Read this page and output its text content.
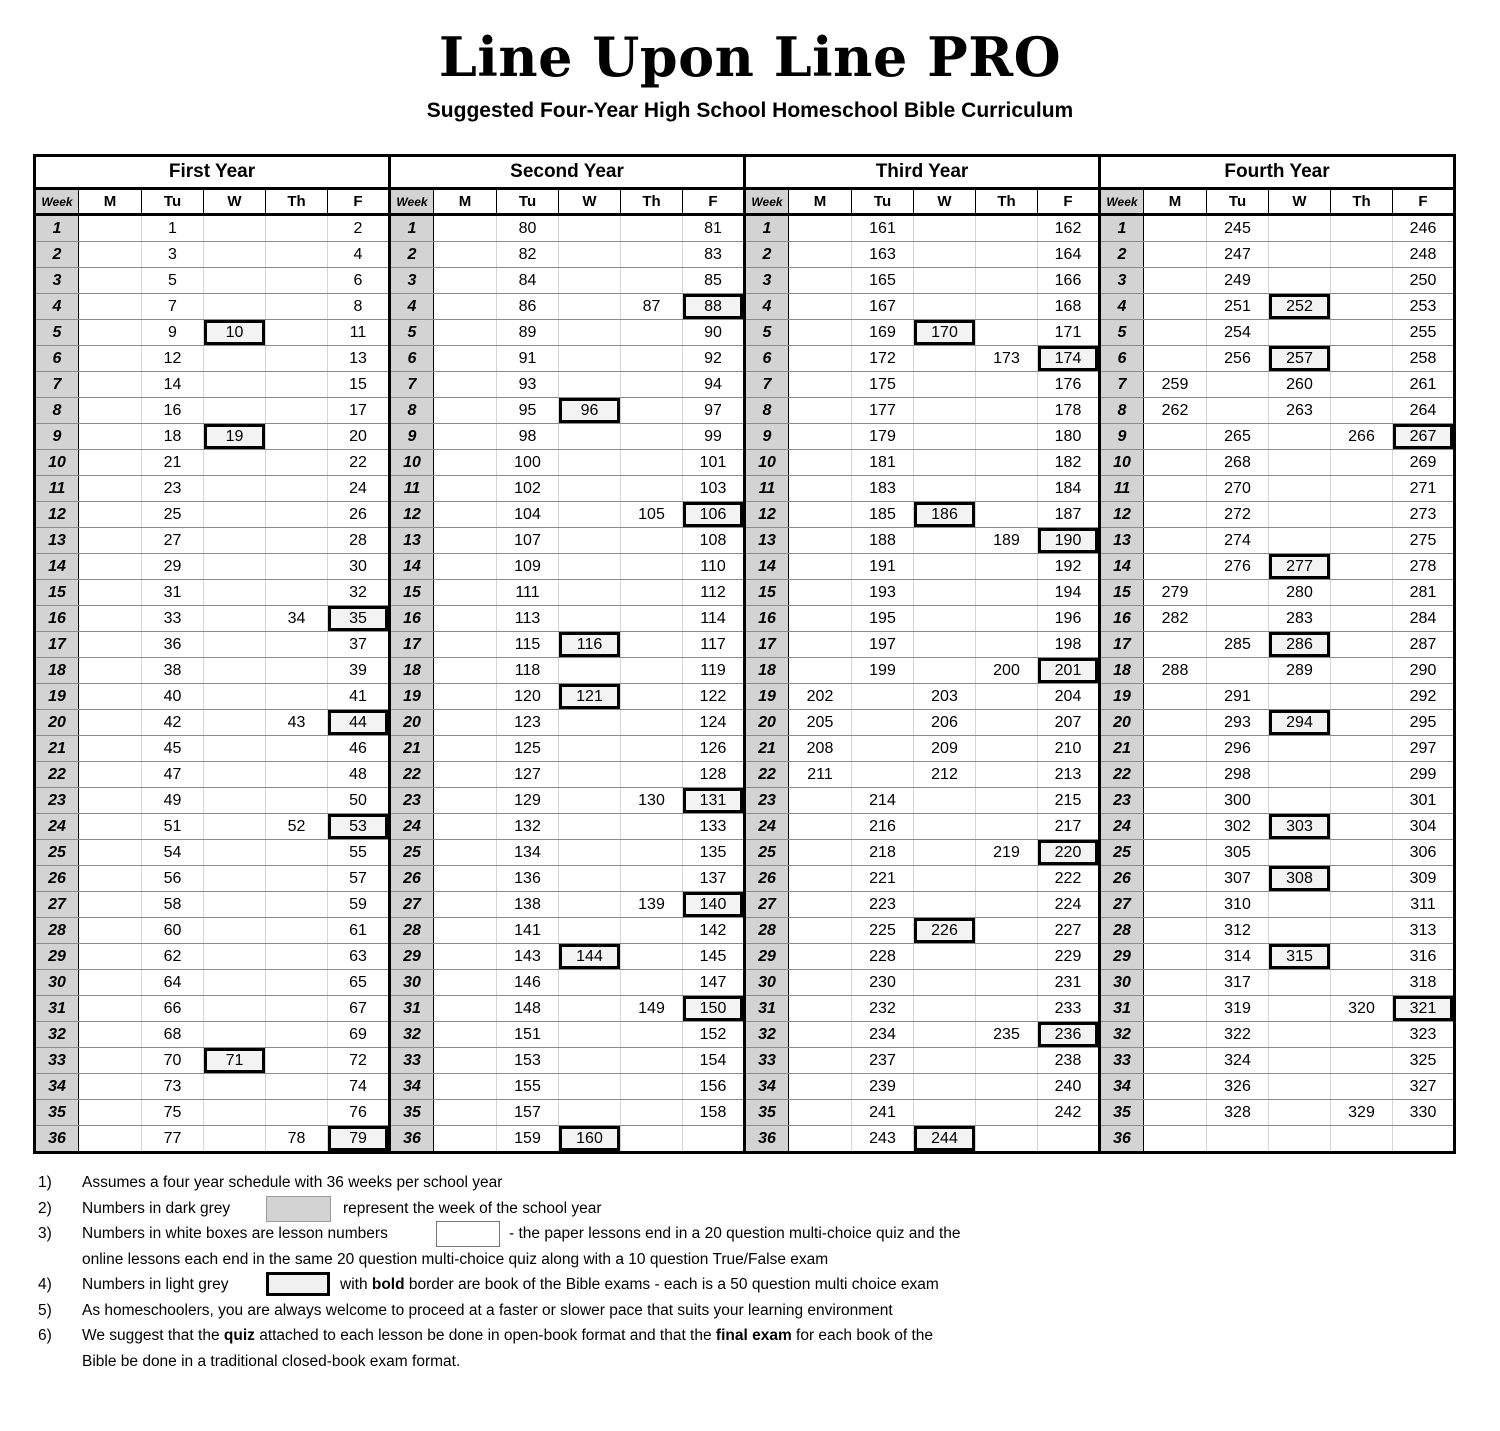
Line Upon Line PRO
Suggested Four-Year High School Homeschool Bible Curriculum
First Year						Second Year						Third Year						Fourth Year					
Week	M	Tu	W	Th	F	Week	M	Tu	W	Th	F	Week	M	Tu	W	Th	F	Week	M	Tu	W	Th	F
1		1			2	1		80			81	1		161			162	1		245			246
2		3			4	2		82			83	2		163			164	2		247			248
3		5			6	3		84			85	3		165			166	3		249			250
4		7			8	4		86		87	88	4		167			168	4		251	252		253
5		9	10		11	5		89			90	5		169	170		171	5		254			255
6		12			13	6		91			92	6		172		173	174	6		256	257		258
7		14			15	7		93			94	7		175			176	7	259		260		261
8		16			17	8		95	96		97	8		177			178	8	262		263		264
9		18	19		20	9		98			99	9		179			180	9		265		266	267
10		21			22	10		100			101	10		181			182	10		268			269
11		23			24	11		102			103	11		183			184	11		270			271
12		25			26	12		104		105	106	12		185	186		187	12		272			273
13		27			28	13		107			108	13		188		189	190	13		274			275
14		29			30	14		109			110	14		191			192	14		276	277		278
15		31			32	15		111			112	15		193			194	15	279		280		281
16		33		34	35	16		113			114	16		195			196	16	282		283		284
17		36			37	17		115	116		117	17		197			198	17		285	286		287
18		38			39	18		118			119	18		199		200	201	18	288		289		290
19		40			41	19		120	121		122	19	202		203		204	19		291			292
20		42		43	44	20		123			124	20	205		206		207	20		293	294		295
21		45			46	21		125			126	21	208		209		210	21		296			297
22		47			48	22		127			128	22	211		212		213	22		298			299
23		49			50	23		129		130	131	23		214			215	23		300			301
24		51		52	53	24		132			133	24		216			217	24		302	303		304
25		54			55	25		134			135	25		218		219	220	25		305			306
26		56			57	26		136			137	26		221			222	26		307	308		309
27		58			59	27		138		139	140	27		223			224	27		310			311
28		60			61	28		141			142	28		225	226		227	28		312			313
29		62			63	29		143	144		145	29		228			229	29		314	315		316
30		64			65	30		146			147	30		230			231	30		317			318
31		66			67	31		148		149	150	31		232			233	31		319		320	321
32		68			69	32		151			152	32		234		235	236	32		322			323
33		70	71		72	33		153			154	33		237			238	33		324			325
34		73			74	34		155			156	34		239			240	34		326			327
35		75			76	35		157			158	35		241			242	35		328		329	330
36		77		78	79	36		159	160			36		243	244			36					
1)	Assumes a four year schedule with 36 weeks per school year
2)	Numbers in dark grey	represent the week of the school year
3)	Numbers in white boxes are lesson numbers	- the paper lessons end in a 20 question multi-choice quiz and the
online lessons each end in the same 20 question multi-choice quiz along with a 10 question True/False exam
4)	Numbers in light grey	with bold border are book of the Bible exams - each is a 50 question multi choice exam
5)	As homeschoolers, you are always welcome to proceed at a faster or slower pace that suits your learning environment
6)	We suggest that the quiz attached to each lesson be done in open-book format and that the final exam for each book of the
Bible be done in a traditional closed-book exam format.
